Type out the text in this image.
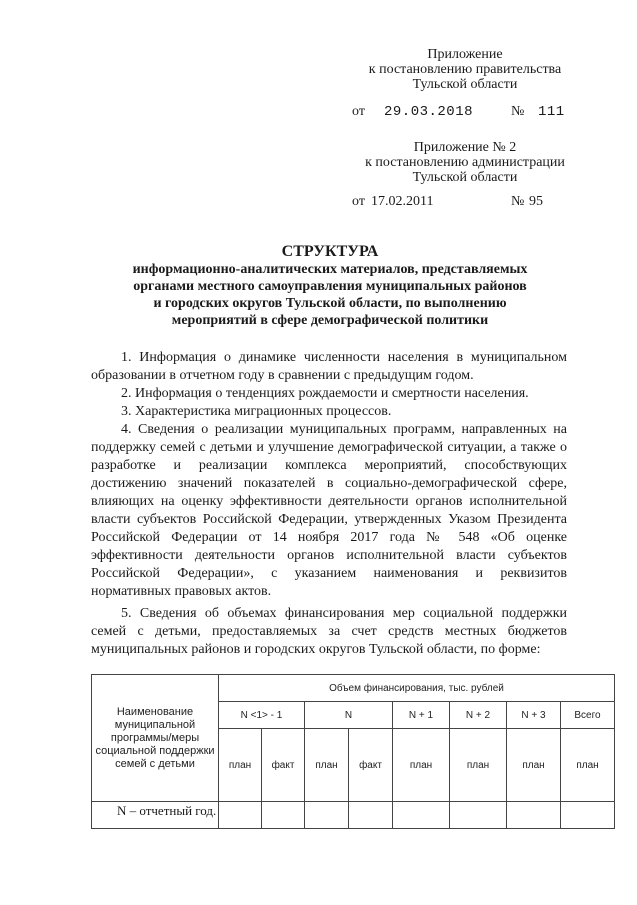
Приложение
к постановлению правительства
Тульской области
от 29.03.2018	№ 111
Приложение № 2
к постановлению администрации
Тульской области
от 17.02.2011	№ 95
СТРУКТУРА
информационно-аналитических материалов, представляемых
органами местного самоуправления муниципальных районов
и городских округов Тульской области, по выполнению
мероприятий в сфере демографической политики

1. Информация о динамике численности населения в муниципальном образовании в отчетном году в сравнении с предыдущим годом.

2. Информация о тенденциях рождаемости и смертности населения.

3. Характеристика миграционных процессов.

4. Сведения о реализации муниципальных программ, направленных на поддержку семей с детьми и улучшение демографической ситуации, а также о разработке и реализации комплекса мероприятий, способствующих достижению значений показателей в социально-демографической сфере, влияющих на оценку эффективности деятельности органов исполнительной власти субъектов Российской Федерации, утвержденных Указом Президента Российской Федерации от 14 ноября 2017 года № 548 «Об оценке эффективности деятельности органов исполнительной власти субъектов Российской Федерации», с указанием наименования и реквизитов нормативных правовых актов.

5. Сведения об объемах финансирования мер социальной поддержки семей с детьми, предоставляемых за счет средств местных бюджетов муниципальных районов и городских округов Тульской области, по форме:

Наименование муниципальной программы/меры социальной поддержки семей с детьми	Объем финансирования, тыс. рублей							
	N <1> - 1		N		N + 1	N + 2	N + 3	Всего
	план	факт	план	факт	план	план	план	план

N – отчетный год.
